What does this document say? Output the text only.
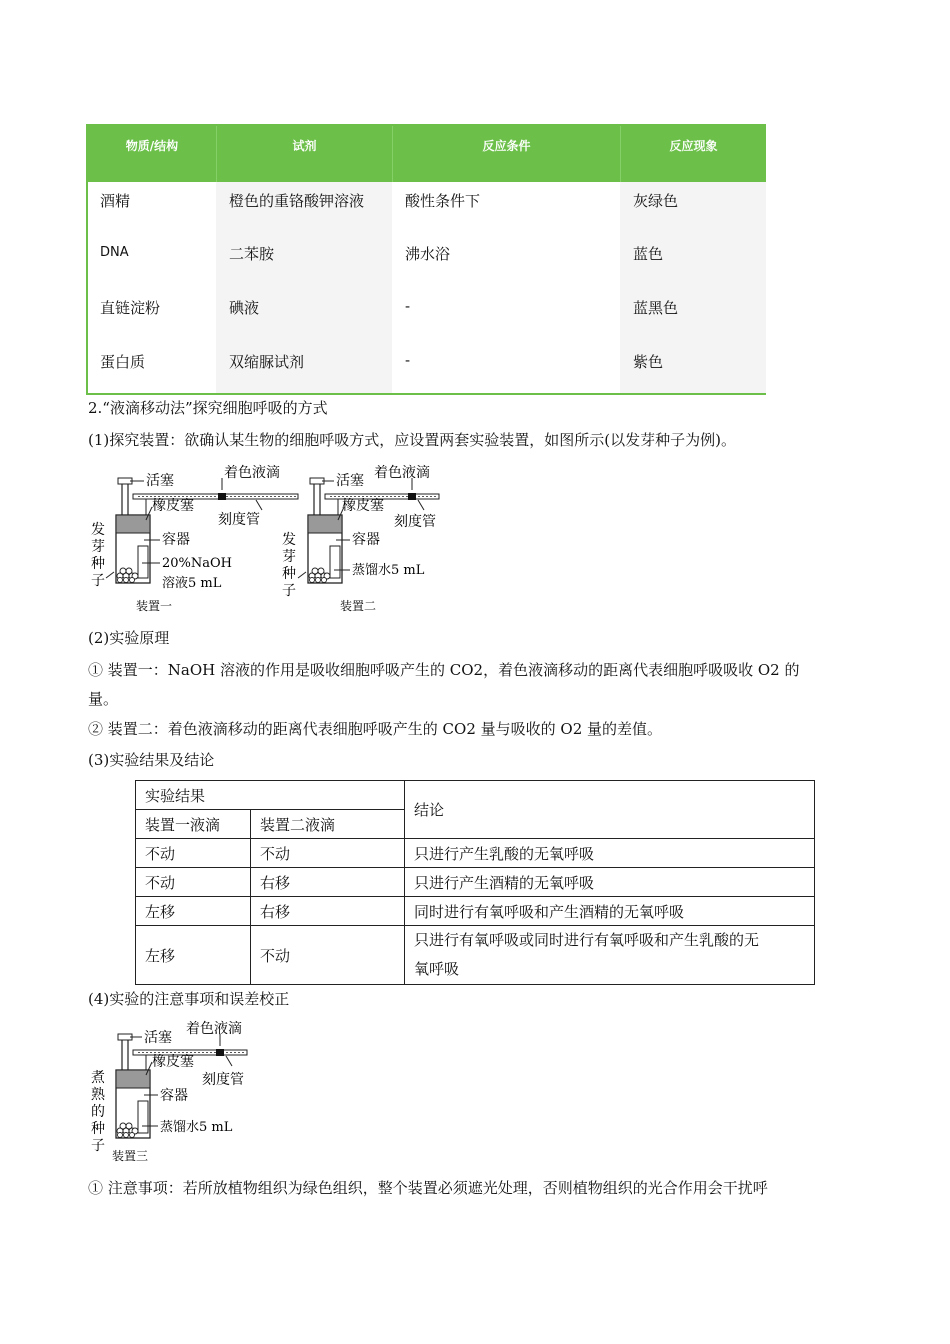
物质/结构	试剂	反应条件	反应现象
酒精	橙色的重铬酸钾溶液	酸性条件下	灰绿色
DNA	二苯胺	沸水浴	蓝色
直链淀粉	碘液	-	蓝黑色
蛋白质	双缩脲试剂	-	紫色
2.“液滴移动法”探究细胞呼吸的方式
(1)探究装置：欲确认某生物的细胞呼吸方式，应设置两套实验装置，如图所示(以发芽种子为例)。
活塞	着色液滴
橡皮塞
刻度管
容器
20%NaOH
溶液5 mL
发
芽
种
子
装置一
活塞 着色液滴
橡皮塞
刻度管
容器
蒸馏水5 mL
发
芽
种
子
装置二
(2)实验原理
① 装置一：NaOH 溶液的作用是吸收细胞呼吸产生的 CO2，着色液滴移动的距离代表细胞呼吸吸收 O2 的
量。
② 装置二：着色液滴移动的距离代表细胞呼吸产生的 CO2 量与吸收的 O2 量的差值。
(3)实验结果及结论
实验结果		结论
装置一液滴	装置二液滴	
不动	不动	只进行产生乳酸的无氧呼吸
不动	右移	只进行产生酒精的无氧呼吸
左移	右移	同时进行有氧呼吸和产生酒精的无氧呼吸
左移	不动	只进行有氧呼吸或同时进行有氧呼吸和产生乳酸的无
氧呼吸
(4)实验的注意事项和误差校正
活塞
着色液滴
橡皮塞
刻度管
容器
蒸馏水5 mL
煮
熟
的
种
子
装置三
① 注意事项：若所放植物组织为绿色组织，整个装置必须遮光处理，否则植物组织的光合作用会干扰呼
